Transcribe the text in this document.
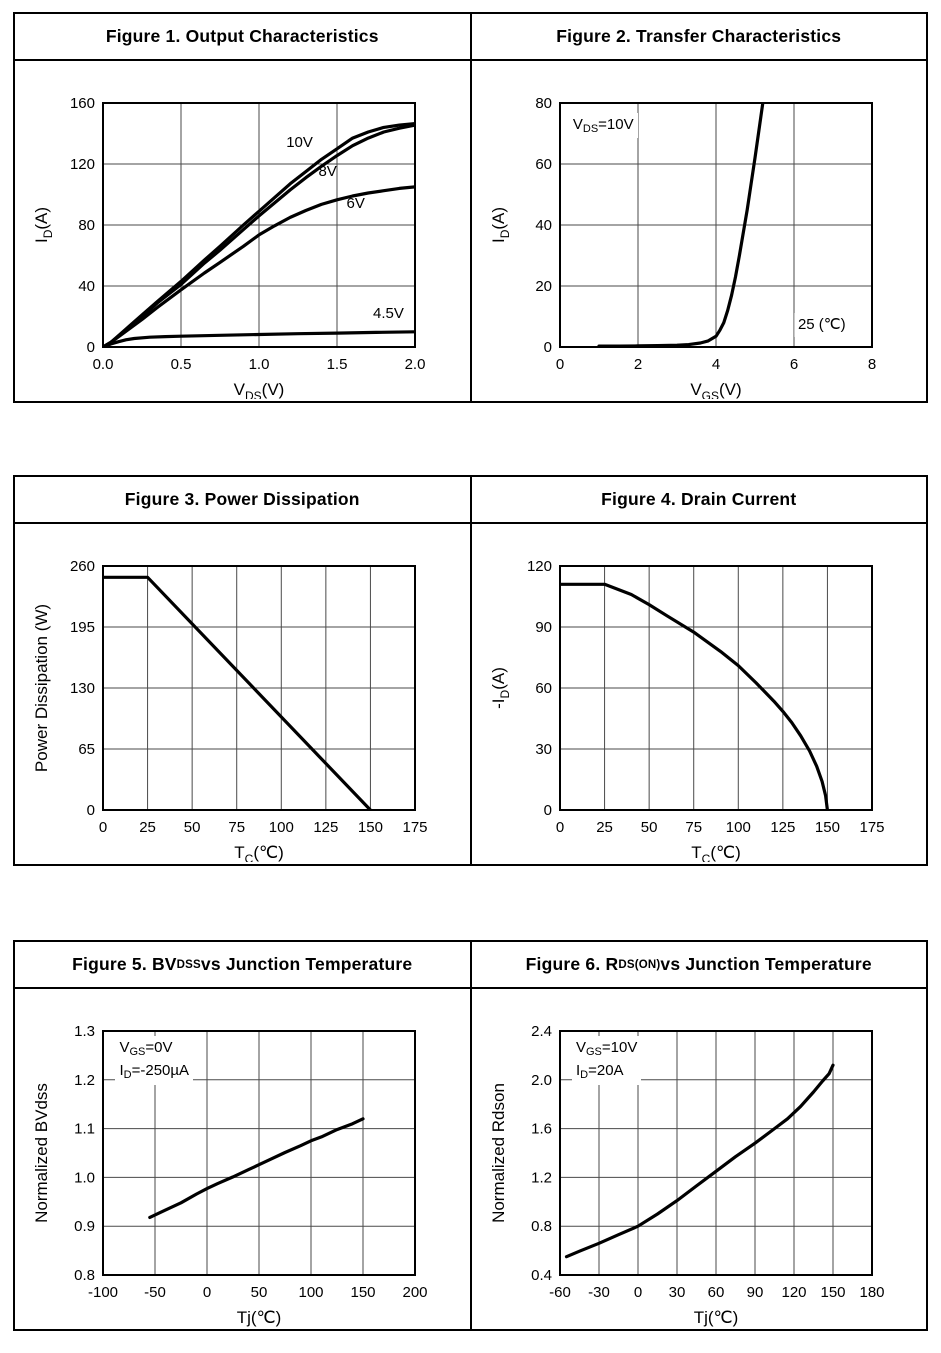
Figure 1. Output Characteristics	Figure 2. Transfer Characteristics
0.0	0.5	1.0	1.5	2.0
0
40
80
120
160
$V_{DS}(V)$
$I_D(A)$
10V
8V
6V
4.5V
0	2	4	6	8
0
20
40
60
80
$V_{GS}(V)$
$I_D(A)$
$V_{DS}=10V$
25 (℃)
Figure 3. Power Dissipation	Figure 4. Drain Current
0 25 50 75 100 125 150 175
0
65
130
195
260
$T_C(℃)$
Power Dissipation (W)
0 25 50 75 100 125 150 175
0
30
60
90
120
$T_C(℃)$
$-I_D(A)$
Figure 5. BV DSS vs Junction Temperature	Figure 6. R DS(ON) vs Junction Temperature
-100 -50 0	50 100 150 200
0.8
0.9
1.0
1.1
1.2
1.3
Tj(℃)
Normalized BVdss
$V_{GS}=0V$
$I_D=-250\mu A$
-60 -30 0 30 60 90 120 150 180
0.4
0.8
1.2
1.6
2.0
2.4
Tj(℃)
Normalized Rdson
$V_{GS}=10V$
$I_D=20A$
